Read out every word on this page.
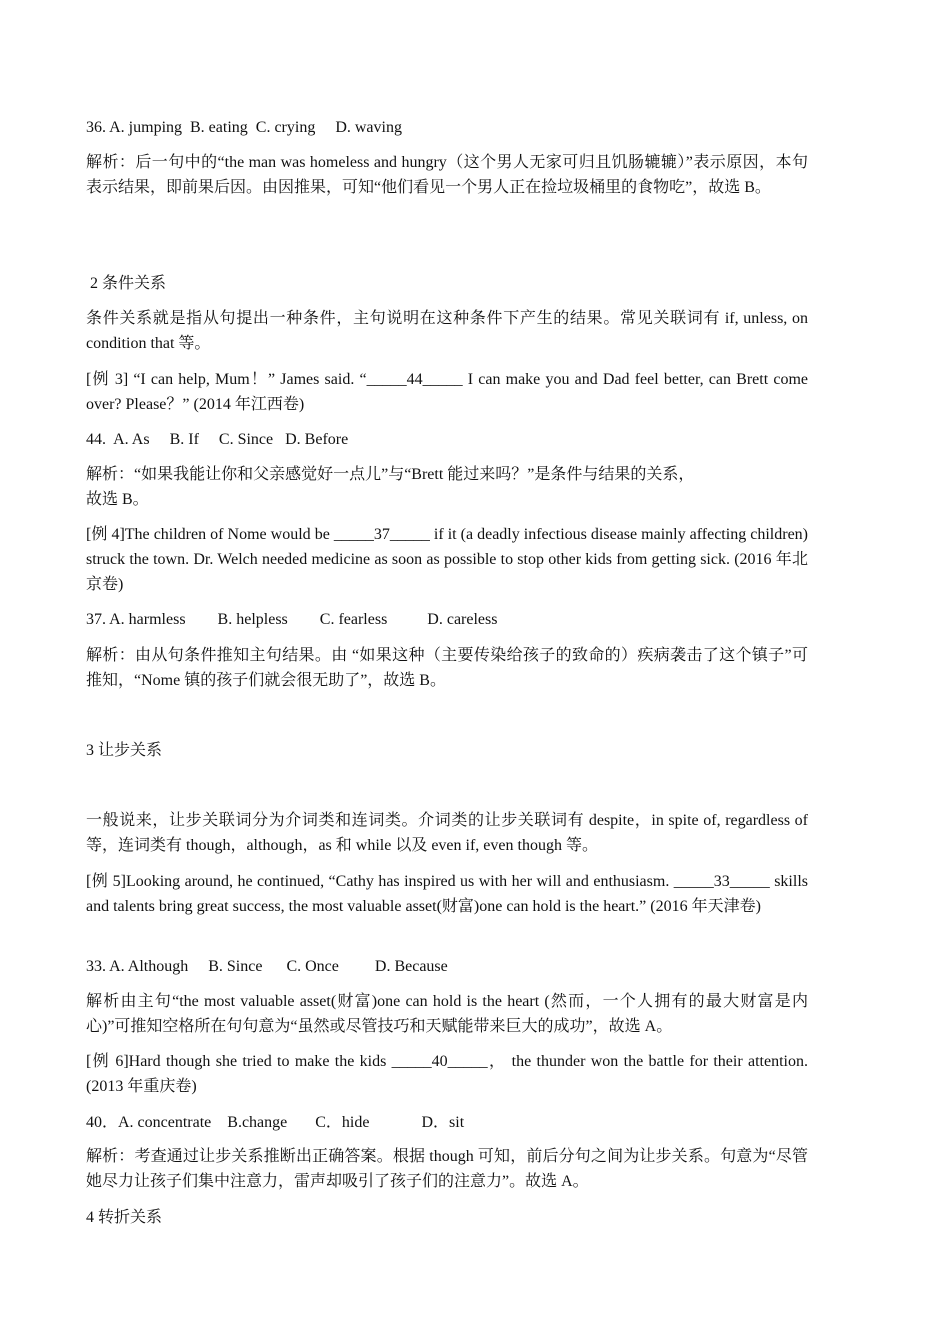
36. A. jumping  B. eating  C. crying     D. waving

解析：后一句中的“the man was homeless and hungry（这个男人无家可归且饥肠辘辘）”表示原因，本句表示结果，即前果后因。由因推果，可知“他们看见一个男人正在捡垃圾桶里的食物吃”，故选 B。

2 条件关系

条件关系就是指从句提出一种条件，主句说明在这种条件下产生的结果。常见关联词有 if, unless, on condition that 等。

[例 3] “I can help, Mum！” James said. “_____44_____ I can make you and Dad feel better, can Brett come over? Please？” (2014 年江西卷)

44.  A. As     B. If     C. Since   D. Before

解析：“如果我能让你和父亲感觉好一点儿”与“Brett 能过来吗？”是条件与结果的关系，

故选 B。

[例 4]The children of Nome would be _____37_____ if it (a deadly infectious disease mainly affecting children) struck the town. Dr. Welch needed medicine as soon as possible to stop other kids from getting sick. (2016 年北京卷)

37. A. harmless        B. helpless        C. fearless          D. careless

解析：由从句条件推知主句结果。由 “如果这种（主要传染给孩子的致命的）疾病袭击了这个镇子”可推知，“Nome 镇的孩子们就会很无助了”，故选 B。

3 让步关系

一般说来，让步关联词分为介词类和连词类。介词类的让步关联词有 despite，in spite of, regardless of 等，连词类有 though，although，as 和 while 以及 even if, even though 等。

[例 5]Looking around, he continued, “Cathy has inspired us with her will and enthusiasm. _____33_____ skills and talents bring great success, the most valuable asset(财富)one can hold is the heart.” (2016 年天津卷)

33. A. Although     B. Since      C. Once         D. Because

解析由主句“the most valuable asset(财富)one can hold is the heart (然而，一个人拥有的最大财富是内心)”可推知空格所在句句意为“虽然或尽管技巧和天赋能带来巨大的成功”，故选 A。

[例 6]Hard though she tried to make the kids _____40_____， the thunder won the battle for their attention. (2013 年重庆卷)

40．A. concentrate    B.change       C．hide             D．sit

解析：考查通过让步关系推断出正确答案。根据 though 可知，前后分句之间为让步关系。句意为“尽管她尽力让孩子们集中注意力，雷声却吸引了孩子们的注意力”。故选 A。

4 转折关系
